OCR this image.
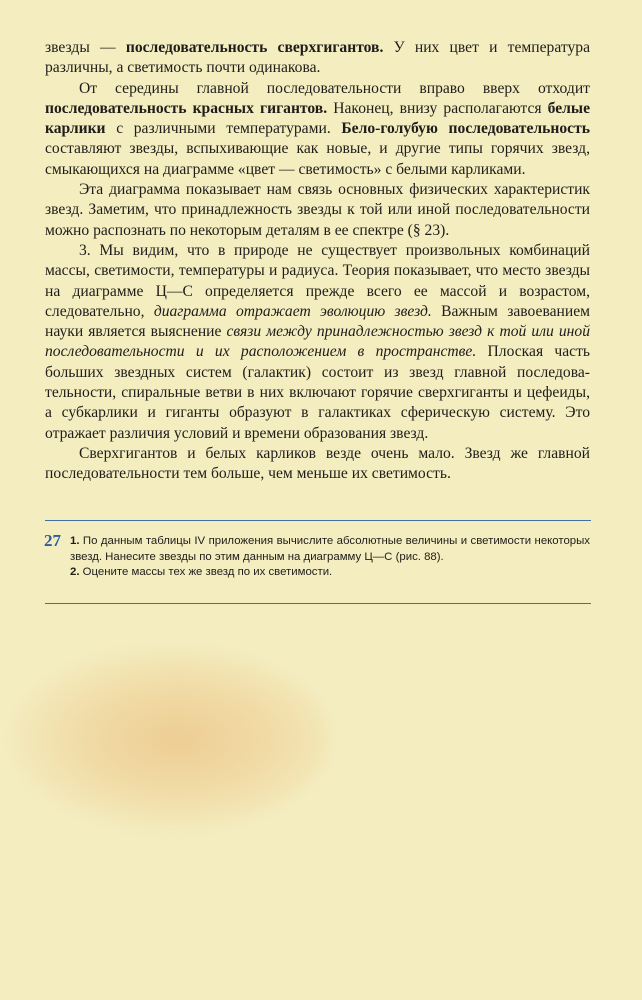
звезды — последовательность сверхгигантов. У них цвет и температура различны, а светимость почти одинакова.

От середины главной последовательности вправо вверх отходит последовательность красных гигантов. Наконец, внизу располагаются белые карлики с различными температурами. Бело-голубую последовательность составляют звезды, вспыхивающие как новые, и другие типы горячих звезд, смыкающихся на диаграмме «цвет — светимость» с белыми карликами.

Эта диаграмма показывает нам связь основных физических характеристик звезд. Заметим, что принадлежность звезды к той или иной последовательности можно распознать по некоторым деталям в ее спектре (§ 23).

3. Мы видим, что в природе не существует произвольных комбинаций массы, светимости, температуры и радиуса. Теория показывает, что место звезды на диаграмме Ц—С определяется прежде всего ее массой и возрастом, следовательно, диаграмма отражает эволюцию звезд. Важным завоеванием науки является выяснение связи между принадлежностью звезд к той или иной последовательности и их расположением в пространстве. Плоская часть больших звездных систем (галактик) состоит из звезд главной последовательности, спиральные ветви в них включают горячие сверхгиганты и цефеиды, а субкарлики и гиганты образуют в галактиках сферическую систему. Это отражает различия условий и времени образования звезд.

Сверхгигантов и белых карликов везде очень мало. Звезд же главной последовательности тем больше, чем меньше их светимость.

27 1. По данным таблицы IV приложения вычислите абсолютные величины и светимости некоторых звезд. Нанесите звезды по этим данным на диаграмму Ц—С (рис. 88).

2. Оцените массы тех же звезд по их светимости.
